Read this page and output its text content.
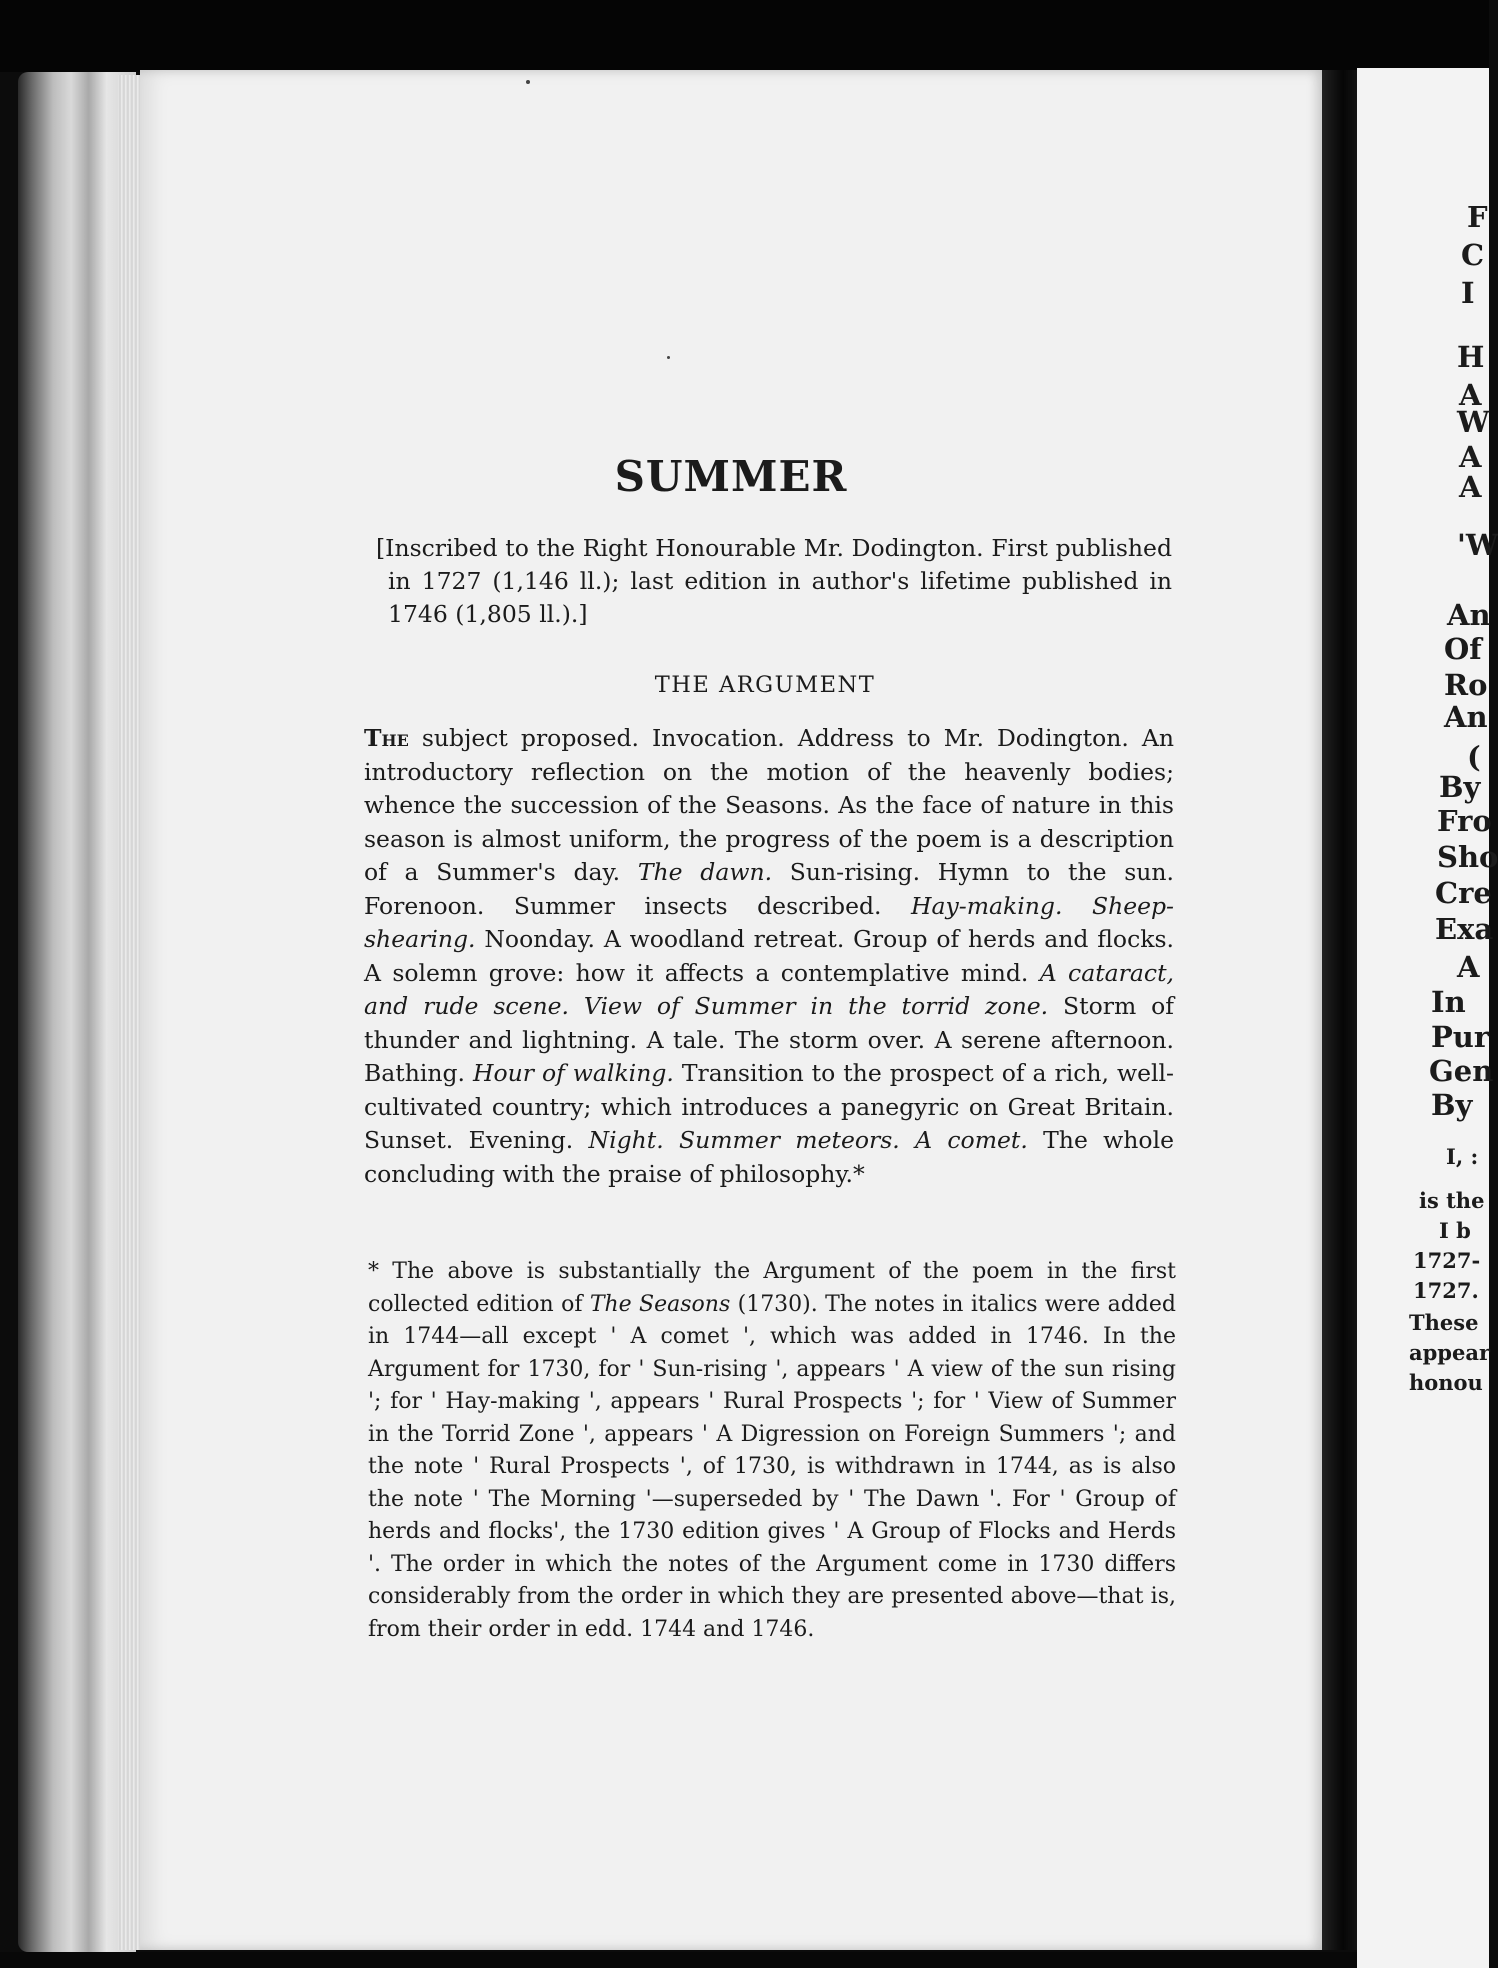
SUMMER
[Inscribed to the Right Honourable Mr. Dodington. First published in 1727 (1,146 ll.); last edition in author's lifetime published in 1746 (1,805 ll.).]
THE ARGUMENT
The subject proposed. Invocation. Address to Mr. Dodington. An introductory reflection on the motion of the heavenly bodies; whence the succession of the Seasons. As the face of nature in this season is almost uniform, the progress of the poem is a description of a Summer's day. The dawn. Sun-rising. Hymn to the sun. Forenoon. Summer insects described. Hay-making. Sheep-shearing. Noonday. A woodland retreat. Group of herds and flocks. A solemn grove: how it affects a contemplative mind. A cataract, and rude scene. View of Summer in the torrid zone. Storm of thunder and lightning. A tale. The storm over. A serene afternoon. Bathing. Hour of walking. Transition to the prospect of a rich, well-cultivated country; which introduces a panegyric on Great Britain. Sunset. Evening. Night. Summer meteors. A comet. The whole concluding with the praise of philosophy.*
* The above is substantially the Argument of the poem in the first collected edition of The Seasons (1730). The notes in italics were added in 1744—all except ' A comet ', which was added in 1746. In the Argument for 1730, for ' Sun-rising ', appears ' A view of the sun rising '; for ' Hay-making ', appears ' Rural Prospects '; for ' View of Summer in the Torrid Zone ', appears ' A Digression on Foreign Summers '; and the note ' Rural Prospects ', of 1730, is withdrawn in 1744, as is also the note ' The Morning '—superseded by ' The Dawn '. For ' Group of herds and flocks', the 1730 edition gives ' A Group of Flocks and Herds '. The order in which the notes of the Argument come in 1730 differs considerably from the order in which they are presented above—that is, from their order in edd. 1744 and 1746.
F
C
I
H
A
W
A
A
'W
An
Of
Ro
An
(
By
Fro
Sho
Cre
Exa
A
In
Pur
Gen
By
I, :
is the
I b
1727-
1727.
These
appear
honou
